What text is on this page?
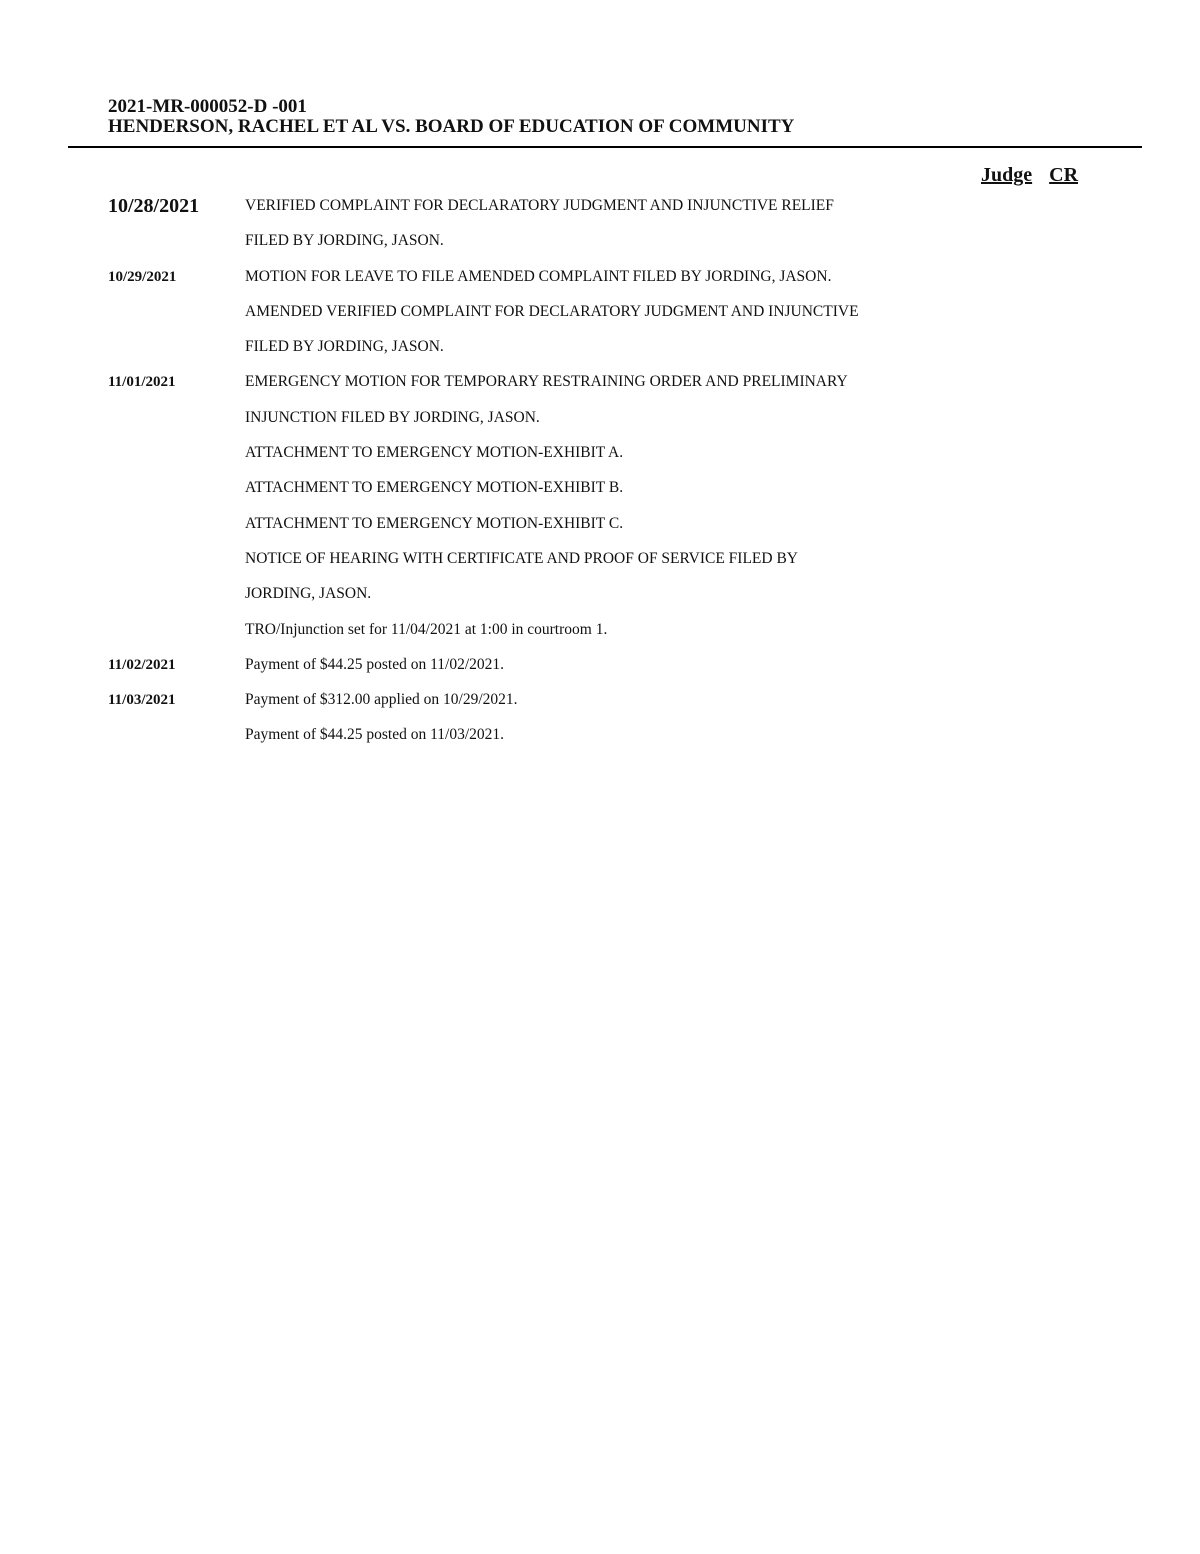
2021-MR-000052-D -001
HENDERSON, RACHEL ET AL VS. BOARD OF EDUCATION OF COMMUNITY
Judge CR
10/28/2021	VERIFIED COMPLAINT FOR DECLARATORY JUDGMENT AND INJUNCTIVE RELIEF
FILED BY JORDING, JASON.
10/29/2021	MOTION FOR LEAVE TO FILE AMENDED COMPLAINT FILED BY JORDING, JASON.
AMENDED VERIFIED COMPLAINT FOR DECLARATORY JUDGMENT AND INJUNCTIVE
FILED BY JORDING, JASON.
11/01/2021	EMERGENCY MOTION FOR TEMPORARY RESTRAINING ORDER AND PRELIMINARY
INJUNCTION FILED BY JORDING, JASON.
ATTACHMENT TO EMERGENCY MOTION-EXHIBIT A.
ATTACHMENT TO EMERGENCY MOTION-EXHIBIT B.
ATTACHMENT TO EMERGENCY MOTION-EXHIBIT C.
NOTICE OF HEARING WITH CERTIFICATE AND PROOF OF SERVICE FILED BY
JORDING, JASON.
TRO/Injunction set for 11/04/2021 at 1:00 in courtroom 1.
11/02/2021	Payment of $44.25 posted on 11/02/2021.
11/03/2021	Payment of $312.00 applied on 10/29/2021.
Payment of $44.25 posted on 11/03/2021.
